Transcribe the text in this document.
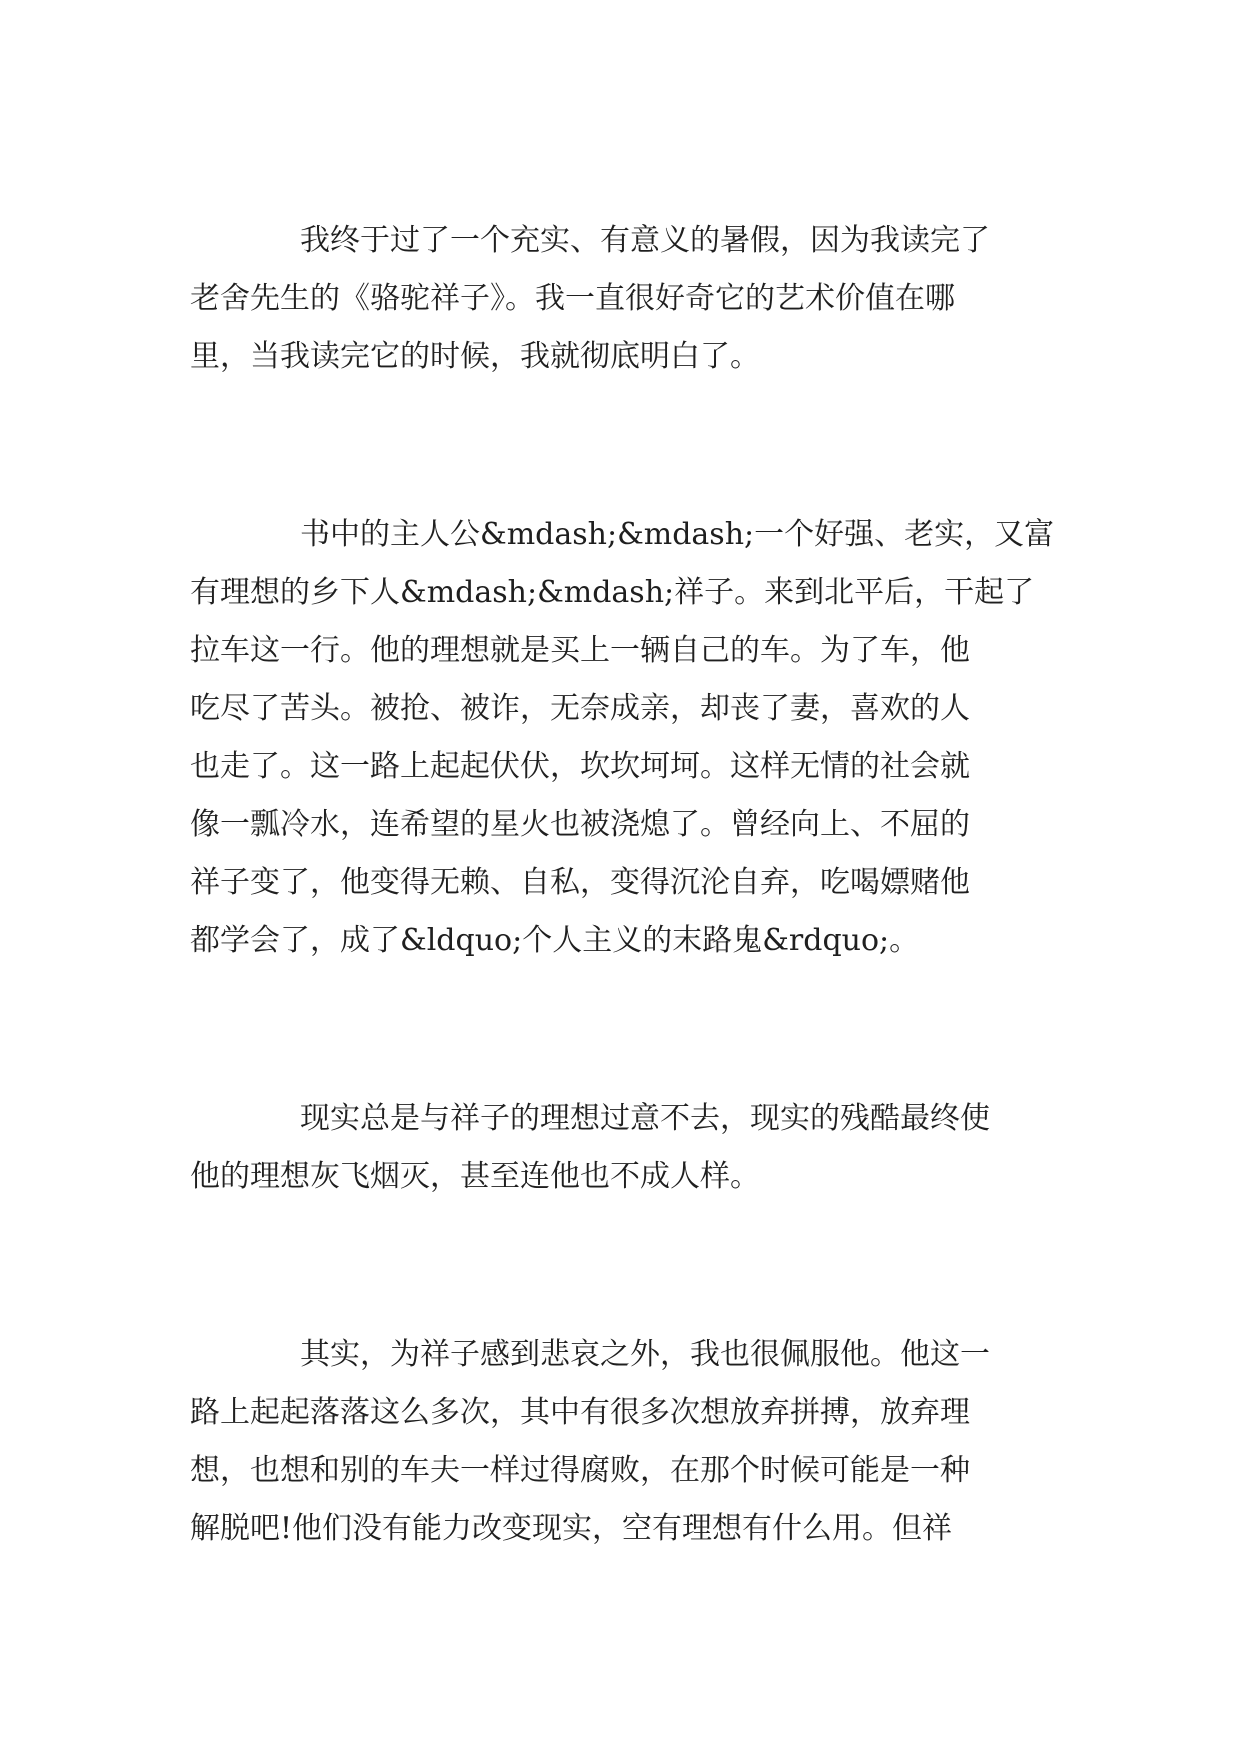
我终于过了一个充实、有意义的暑假，因为我读完了
老舍先生的《骆驼祥子》。我一直很好奇它的艺术价值在哪
里，当我读完它的时候，我就彻底明白了。
书中的主人公&mdash;&mdash;一个好强、老实，又富
有理想的乡下人&mdash;&mdash;祥子。来到北平后，干起了
拉车这一行。他的理想就是买上一辆自己的车。为了车，他
吃尽了苦头。被抢、被诈，无奈成亲，却丧了妻，喜欢的人
也走了。这一路上起起伏伏，坎坎坷坷。这样无情的社会就
像一瓢冷水，连希望的星火也被浇熄了。曾经向上、不屈的
祥子变了，他变得无赖、自私，变得沉沦自弃，吃喝嫖赌他
都学会了，成了&ldquo;个人主义的末路鬼&rdquo;。
现实总是与祥子的理想过意不去，现实的残酷最终使
他的理想灰飞烟灭，甚至连他也不成人样。
其实，为祥子感到悲哀之外，我也很佩服他。他这一
路上起起落落这么多次，其中有很多次想放弃拼搏，放弃理
想，也想和别的车夫一样过得腐败，在那个时候可能是一种
解脱吧!他们没有能力改变现实，空有理想有什么用。但祥
